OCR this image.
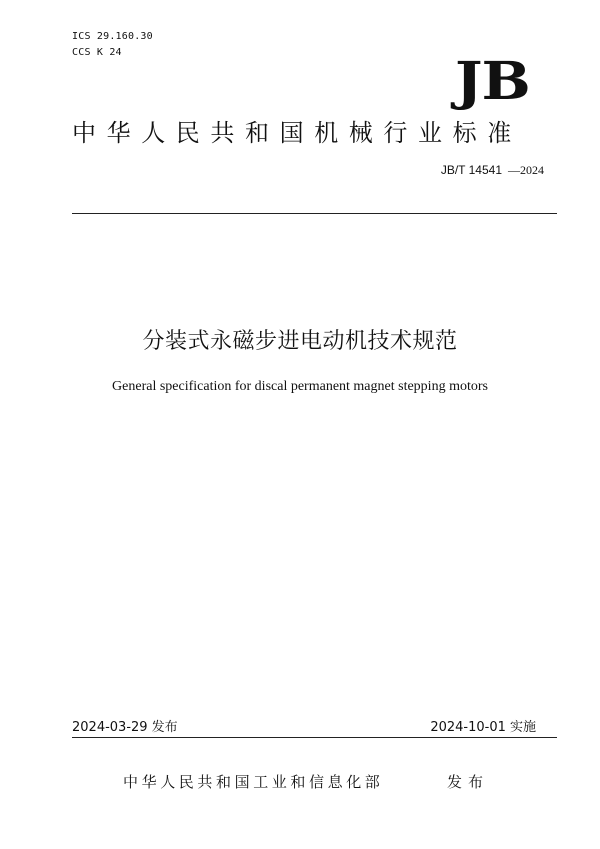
ICS 29.160.30
CCS K 24	JB
中华人民共和国机械行业标准
JB/T 14541 —2024
分装式永磁步进电动机技术规范
General specification for discal permanent magnet stepping motors
2024-03-29 发布	2024-10-01 实施
中华人民共和国工业和信息化部	发布
